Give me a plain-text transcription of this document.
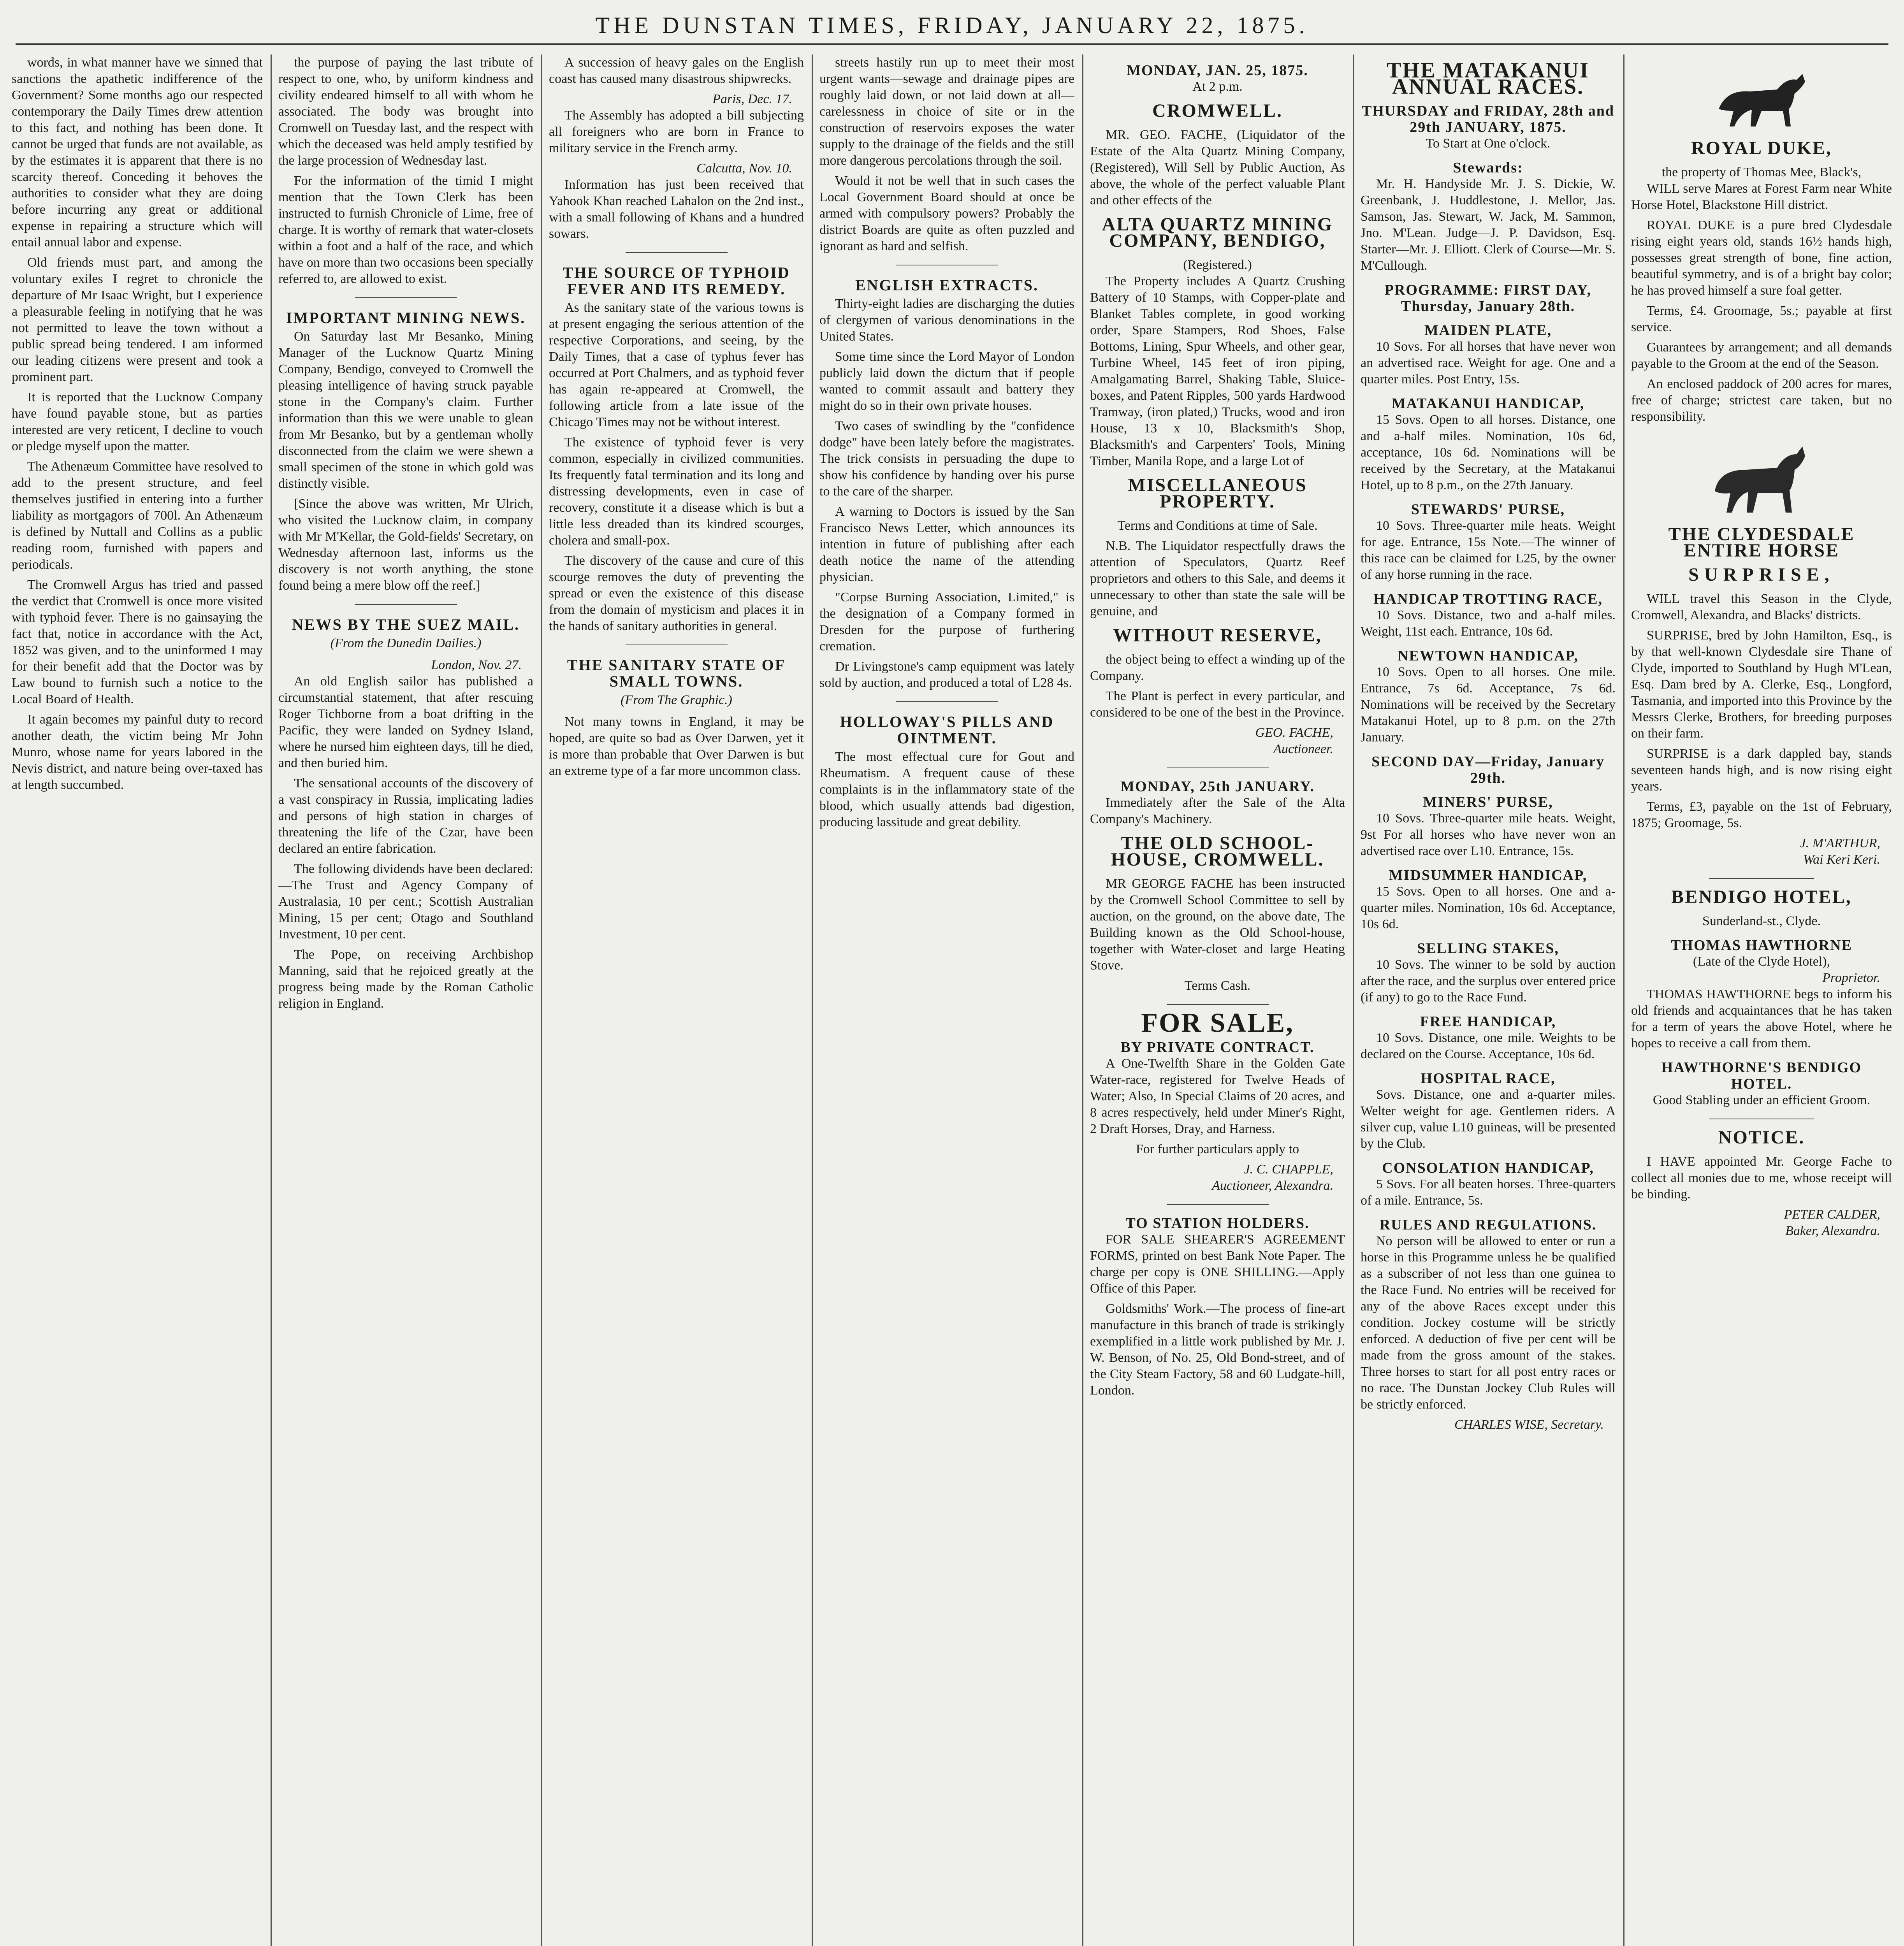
THE DUNSTAN TIMES, FRIDAY, JANUARY 22, 1875.

words, in what manner have we sinned that sanctions the apathetic indifference of the Government? Some months ago our respected contemporary the Daily Times drew attention to this fact, and nothing has been done. It cannot be urged that funds are not available, as by the estimates it is apparent that there is no scarcity thereof. Conceding it behoves the authorities to consider what they are doing before incurring any great or additional expense in repairing a structure which will entail annual labor and expense.

Old friends must part, and among the voluntary exiles I regret to chronicle the departure of Mr Isaac Wright, but I experience a pleasurable feeling in notifying that he was not permitted to leave the town without a public spread being tendered. I am informed our leading citizens were present and took a prominent part.

It is reported that the Lucknow Company have found payable stone, but as parties interested are very reticent, I decline to vouch or pledge myself upon the matter.

The Athenæum Committee have resolved to add to the present structure, and feel themselves justified in entering into a further liability as mortgagors of 700l. An Athenæum is defined by Nuttall and Collins as a public reading room, furnished with papers and periodicals.

The Cromwell Argus has tried and passed the verdict that Cromwell is once more visited with typhoid fever. There is no gainsaying the fact that, notice in accordance with the Act, 1852 was given, and to the uninformed I may for their benefit add that the Doctor was by Law bound to furnish such a notice to the Local Board of Health.

It again becomes my painful duty to record another death, the victim being Mr John Munro, whose name for years labored in the Nevis district, and nature being over-taxed has at length succumbed.

the purpose of paying the last tribute of respect to one, who, by uniform kindness and civility endeared himself to all with whom he associated. The body was brought into Cromwell on Tuesday last, and the respect with which the deceased was held amply testified by the large procession of Wednesday last.

For the information of the timid I might mention that the Town Clerk has been instructed to furnish Chronicle of Lime, free of charge. It is worthy of remark that water-closets within a foot and a half of the race, and which have on more than two occasions been specially referred to, are allowed to exist.

IMPORTANT MINING NEWS.

On Saturday last Mr Besanko, Mining Manager of the Lucknow Quartz Mining Company, Bendigo, conveyed to Cromwell the pleasing intelligence of having struck payable stone in the Company's claim. Further information than this we were unable to glean from Mr Besanko, but by a gentleman wholly disconnected from the claim we were shewn a small specimen of the stone in which gold was distinctly visible.

[Since the above was written, Mr Ulrich, who visited the Lucknow claim, in company with Mr M'Kellar, the Gold-fields' Secretary, on Wednesday afternoon last, informs us the discovery is not worth anything, the stone found being a mere blow off the reef.]

NEWS BY THE SUEZ MAIL.
(From the Dunedin Dailies.)
London, Nov. 27.

An old English sailor has published a circumstantial statement, that after rescuing Roger Tichborne from a boat drifting in the Pacific, they were landed on Sydney Island, where he nursed him eighteen days, till he died, and then buried him.

The sensational accounts of the discovery of a vast conspiracy in Russia, implicating ladies and persons of high station in charges of threatening the life of the Czar, have been declared an entire fabrication.

The following dividends have been declared:—The Trust and Agency Company of Australasia, 10 per cent.; Scottish Australian Mining, 15 per cent; Otago and Southland Investment, 10 per cent.

The Pope, on receiving Archbishop Manning, said that he rejoiced greatly at the progress being made by the Roman Catholic religion in England.

A succession of heavy gales on the English coast has caused many disastrous shipwrecks.

Paris, Dec. 17.

The Assembly has adopted a bill subjecting all foreigners who are born in France to military service in the French army.

Calcutta, Nov. 10.

Information has just been received that Yahook Khan reached Lahalon on the 2nd inst., with a small following of Khans and a hundred sowars.

THE SOURCE OF TYPHOID FEVER AND ITS REMEDY.

As the sanitary state of the various towns is at present engaging the serious attention of the respective Corporations, and seeing, by the Daily Times, that a case of typhus fever has occurred at Port Chalmers, and as typhoid fever has again re-appeared at Cromwell, the following article from a late issue of the Chicago Times may not be without interest.

The existence of typhoid fever is very common, especially in civilized communities. Its frequently fatal termination and its long and distressing developments, even in case of recovery, constitute it a disease which is but a little less dreaded than its kindred scourges, cholera and small-pox.

The discovery of the cause and cure of this scourge removes the duty of preventing the spread or even the existence of this disease from the domain of mysticism and places it in the hands of sanitary authorities in general.

THE SANITARY STATE OF SMALL TOWNS.
(From The Graphic.)

Not many towns in England, it may be hoped, are quite so bad as Over Darwen, yet it is more than probable that Over Darwen is but an extreme type of a far more uncommon class.

streets hastily run up to meet their most urgent wants—sewage and drainage pipes are roughly laid down, or not laid down at all—carelessness in choice of site or in the construction of reservoirs exposes the water supply to the drainage of the fields and the still more dangerous percolations through the soil.

Would it not be well that in such cases the Local Government Board should at once be armed with compulsory powers? Probably the district Boards are quite as often puzzled and ignorant as hard and selfish.

ENGLISH EXTRACTS.

Thirty-eight ladies are discharging the duties of clergymen of various denominations in the United States.

Some time since the Lord Mayor of London publicly laid down the dictum that if people wanted to commit assault and battery they might do so in their own private houses.

Two cases of swindling by the "confidence dodge" have been lately before the magistrates. The trick consists in persuading the dupe to show his confidence by handing over his purse to the care of the sharper.

A warning to Doctors is issued by the San Francisco News Letter, which announces its intention in future of publishing after each death notice the name of the attending physician.

"Corpse Burning Association, Limited," is the designation of a Company formed in Dresden for the purpose of furthering cremation.

Dr Livingstone's camp equipment was lately sold by auction, and produced a total of L28 4s.

HOLLOWAY'S PILLS AND OINTMENT.

The most effectual cure for Gout and Rheumatism. A frequent cause of these complaints is in the inflammatory state of the blood, which usually attends bad digestion, producing lassitude and great debility.

MONDAY, JAN. 25, 1875.
At 2 p.m.
CROMWELL.

MR. GEO. FACHE, (Liquidator of the Estate of the Alta Quartz Mining Company, (Registered), Will Sell by Public Auction, As above, the whole of the perfect valuable Plant and other effects of the

ALTA QUARTZ MINING COMPANY, BENDIGO,
(Registered.)

The Property includes A Quartz Crushing Battery of 10 Stamps, with Copper-plate and Blanket Tables complete, in good working order, Spare Stampers, Rod Shoes, False Bottoms, Lining, Spur Wheels, and other gear, Turbine Wheel, 145 feet of iron piping, Amalgamating Barrel, Shaking Table, Sluice-boxes, and Patent Ripples, 500 yards Hardwood Tramway, (iron plated,) Trucks, wood and iron House, 13 x 10, Blacksmith's Shop, Blacksmith's and Carpenters' Tools, Mining Timber, Manila Rope, and a large Lot of

MISCELLANEOUS PROPERTY.

Terms and Conditions at time of Sale.

N.B. The Liquidator respectfully draws the attention of Speculators, Quartz Reef proprietors and others to this Sale, and deems it unnecessary to other than state the sale will be genuine, and

WITHOUT RESERVE,

the object being to effect a winding up of the Company.

The Plant is perfect in every particular, and considered to be one of the best in the Province.

GEO. FACHE,
Auctioneer.
MONDAY, 25th JANUARY.

Immediately after the Sale of the Alta Company's Machinery.

THE OLD SCHOOL-HOUSE, CROMWELL.

MR GEORGE FACHE has been instructed by the Cromwell School Committee to sell by auction, on the ground, on the above date, The Building known as the Old School-house, together with Water-closet and large Heating Stove.

Terms Cash.
FOR SALE,
BY PRIVATE CONTRACT.

A One-Twelfth Share in the Golden Gate Water-race, registered for Twelve Heads of Water; Also, In Special Claims of 20 acres, and 8 acres respectively, held under Miner's Right, 2 Draft Horses, Dray, and Harness.

For further particulars apply to

J. C. CHAPPLE,
Auctioneer, Alexandra.
TO STATION HOLDERS.

FOR SALE SHEARER'S AGREEMENT FORMS, printed on best Bank Note Paper. The charge per copy is ONE SHILLING.—Apply Office of this Paper.

Goldsmiths' Work.—The process of fine-art manufacture in this branch of trade is strikingly exemplified in a little work published by Mr. J. W. Benson, of No. 25, Old Bond-street, and of the City Steam Factory, 58 and 60 Ludgate-hill, London.

THE MATAKANUI ANNUAL RACES.
THURSDAY and FRIDAY, 28th and 29th JANUARY, 1875.
To Start at One o'clock.
Stewards:

Mr. H. Handyside Mr. J. S. Dickie, W. Greenbank, J. Huddlestone, J. Mellor, Jas. Samson, Jas. Stewart, W. Jack, M. Sammon, Jno. M'Lean. Judge—J. P. Davidson, Esq. Starter—Mr. J. Elliott. Clerk of Course—Mr. S. M'Cullough.

PROGRAMME: FIRST DAY, Thursday, January 28th.
MAIDEN PLATE,

10 Sovs. For all horses that have never won an advertised race. Weight for age. One and a quarter miles. Post Entry, 15s.

MATAKANUI HANDICAP,

15 Sovs. Open to all horses. Distance, one and a-half miles. Nomination, 10s 6d, acceptance, 10s 6d. Nominations will be received by the Secretary, at the Matakanui Hotel, up to 8 p.m., on the 27th January.

STEWARDS' PURSE,

10 Sovs. Three-quarter mile heats. Weight for age. Entrance, 15s Note.—The winner of this race can be claimed for L25, by the owner of any horse running in the race.

HANDICAP TROTTING RACE,

10 Sovs. Distance, two and a-half miles. Weight, 11st each. Entrance, 10s 6d.

NEWTOWN HANDICAP,

10 Sovs. Open to all horses. One mile. Entrance, 7s 6d. Acceptance, 7s 6d. Nominations will be received by the Secretary Matakanui Hotel, up to 8 p.m. on the 27th January.

SECOND DAY—Friday, January 29th.
MINERS' PURSE,

10 Sovs. Three-quarter mile heats. Weight, 9st For all horses who have never won an advertised race over L10. Entrance, 15s.

MIDSUMMER HANDICAP,

15 Sovs. Open to all horses. One and a-quarter miles. Nomination, 10s 6d. Acceptance, 10s 6d.

SELLING STAKES,

10 Sovs. The winner to be sold by auction after the race, and the surplus over entered price (if any) to go to the Race Fund.

FREE HANDICAP,

10 Sovs. Distance, one mile. Weights to be declared on the Course. Acceptance, 10s 6d.

HOSPITAL RACE,

Sovs. Distance, one and a-quarter miles. Welter weight for age. Gentlemen riders. A silver cup, value L10 guineas, will be presented by the Club.

CONSOLATION HANDICAP,

5 Sovs. For all beaten horses. Three-quarters of a mile. Entrance, 5s.

RULES AND REGULATIONS.

No person will be allowed to enter or run a horse in this Programme unless he be qualified as a subscriber of not less than one guinea to the Race Fund. No entries will be received for any of the above Races except under this condition. Jockey costume will be strictly enforced. A deduction of five per cent will be made from the gross amount of the stakes. Three horses to start for all post entry races or no race. The Dunstan Jockey Club Rules will be strictly enforced.

CHARLES WISE, Secretary.
ROYAL DUKE,
the property of Thomas Mee, Black's,

WILL serve Mares at Forest Farm near White Horse Hotel, Blackstone Hill district.

ROYAL DUKE is a pure bred Clydesdale rising eight years old, stands 16½ hands high, possesses great strength of bone, fine action, beautiful symmetry, and is of a bright bay color; he has proved himself a sure foal getter.

Terms, £4. Groomage, 5s.; payable at first service.

Guarantees by arrangement; and all demands payable to the Groom at the end of the Season.

An enclosed paddock of 200 acres for mares, free of charge; strictest care taken, but no responsibility.

THE CLYDESDALE ENTIRE HORSE
SURPRISE,

WILL travel this Season in the Clyde, Cromwell, Alexandra, and Blacks' districts.

SURPRISE, bred by John Hamilton, Esq., is by that well-known Clydesdale sire Thane of Clyde, imported to Southland by Hugh M'Lean, Esq. Dam bred by A. Clerke, Esq., Longford, Tasmania, and imported into this Province by the Messrs Clerke, Brothers, for breeding purposes on their farm.

SURPRISE is a dark dappled bay, stands seventeen hands high, and is now rising eight years.

Terms, £3, payable on the 1st of February, 1875; Groomage, 5s.

J. M'ARTHUR,
Wai Keri Keri.
BENDIGO HOTEL,
Sunderland-st., Clyde.
THOMAS HAWTHORNE
(Late of the Clyde Hotel),
Proprietor.

THOMAS HAWTHORNE begs to inform his old friends and acquaintances that he has taken for a term of years the above Hotel, where he hopes to receive a call from them.

HAWTHORNE'S BENDIGO HOTEL.
Good Stabling under an efficient Groom.
NOTICE.

I HAVE appointed Mr. George Fache to collect all monies due to me, whose receipt will be binding.

PETER CALDER,
Baker, Alexandra.
